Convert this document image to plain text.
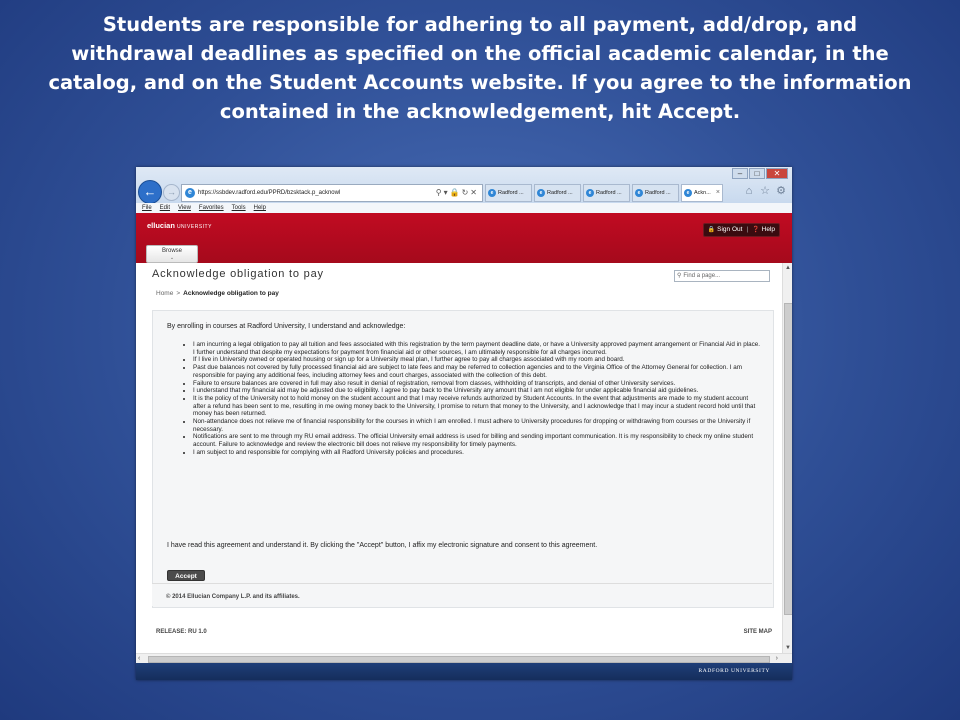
Students are responsible for adhering to all payment, add/drop, and withdrawal deadlines as specified on the official academic calendar, in the catalog, and on the Student Accounts website. If you agree to the information contained in the acknowledgement, hit Accept.
–	□	✕
←	→	e https://ssbdev.radford.edu/PPRD/bzsktack.p_acknowl	⚲▾🔒↻✕	e Radford ...	e Radford ...	e Radford ...	e Radford ...	e Ackn... ×	⌂ ☆ ⚙
File Edit View Favorites Tools Help
ellucian UNIVERSITY	🔒 Sign Out | ❓ Help
Browse
⌄
Acknowledge obligation to pay	⚲ Find a page...
Home > Acknowledge obligation to pay

By enrolling in courses at Radford University, I understand and acknowledge:

• I am incurring a legal obligation to pay all tuition and fees associated with this registration by the term payment deadline date, or have a University approved payment arrangement or Financial Aid in place. I further understand that despite my expectations for payment from financial aid or other sources, I am ultimately responsible for all charges incurred.
• If I live in University owned or operated housing or sign up for a University meal plan, I further agree to pay all charges associated with my room and board.
• Past due balances not covered by fully processed financial aid are subject to late fees and may be referred to collection agencies and to the Virginia Office of the Attorney General for collection. I am responsible for paying any additional fees, including attorney fees and court charges, associated with the collection of this debt.
• Failure to ensure balances are covered in full may also result in denial of registration, removal from classes, withholding of transcripts, and denial of other University services.
• I understand that my financial aid may be adjusted due to eligibility. I agree to pay back to the University any amount that I am not eligible for under applicable financial aid guidelines.
• It is the policy of the University not to hold money on the student account and that I may receive refunds authorized by Student Accounts. In the event that adjustments are made to my student account after a refund has been sent to me, resulting in me owing money back to the University, I promise to return that money to the University, and I acknowledge that I may incur a student record hold until that money has been returned.
• Non-attendance does not relieve me of financial responsibility for the courses in which I am enrolled. I must adhere to University procedures for dropping or withdrawing from courses or the University if necessary.
• Notifications are sent to me through my RU email address. The official University email address is used for billing and sending important communication. It is my responsibility to check my online student account. Failure to acknowledge and review the electronic bill does not relieve my responsibility for timely payments.
• I am subject to and responsible for complying with all Radford University policies and procedures.

I have read this agreement and understand it. By clicking the "Accept" button, I affix my electronic signature and consent to this agreement.

Accept

© 2014 Ellucian Company L.P. and its affiliates.

RELEASE: RU 1.0	SITE MAP
▲
▼
‹	›
RADFORD UNIVERSITY
